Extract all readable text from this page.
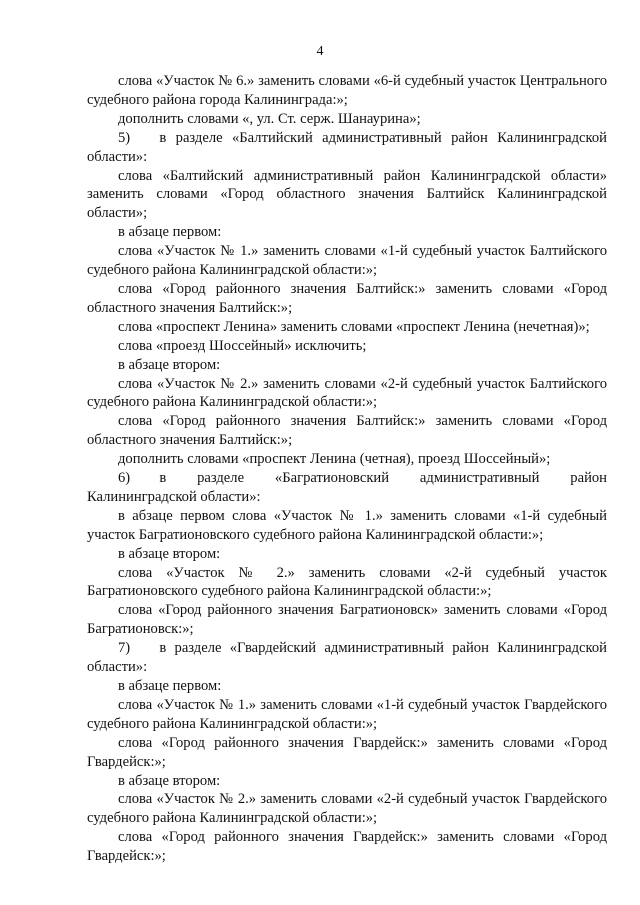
4

слова «Участок № 6.» заменить словами «6-й судебный участок Центрального судебного района города Калининграда:»;

дополнить словами «, ул. Ст. серж. Шанаурина»;

5)  в разделе «Балтийский административный район Калининградской области»:

слова «Балтийский административный район Калининградской области» заменить словами «Город областного значения Балтийск Калининградской области»;

в абзаце первом:

слова «Участок № 1.» заменить словами «1-й судебный участок Балтийского судебного района Калининградской области:»;

слова «Город районного значения Балтийск:» заменить словами «Город областного значения Балтийск:»;

слова «проспект Ленина» заменить словами «проспект Ленина (нечетная)»;

слова «проезд Шоссейный» исключить;

в абзаце втором:

слова «Участок № 2.» заменить словами «2-й судебный участок Балтийского судебного района Калининградской области:»;

слова «Город районного значения Балтийск:» заменить словами «Город областного значения Балтийск:»;

дополнить словами «проспект Ленина (четная), проезд Шоссейный»;

6)  в разделе «Багратионовский административный район Калининградской области»:

в абзаце первом слова «Участок № 1.» заменить словами «1-й судебный участок Багратионовского судебного района Калининградской области:»;

в абзаце втором:

слова «Участок № 2.» заменить словами «2-й судебный участок Багратионовского судебного района Калининградской области:»;

слова «Город районного значения Багратионовск» заменить словами «Город Багратионовск:»;

7)  в разделе «Гвардейский административный район Калининградской области»:

в абзаце первом:

слова «Участок № 1.» заменить словами «1-й судебный участок Гвардейского судебного района Калининградской области:»;

слова «Город районного значения Гвардейск:» заменить словами «Город Гвардейск:»;

в абзаце втором:

слова «Участок № 2.» заменить словами «2-й судебный участок Гвардейского судебного района Калининградской области:»;

слова «Город районного значения Гвардейск:» заменить словами «Город Гвардейск:»;
